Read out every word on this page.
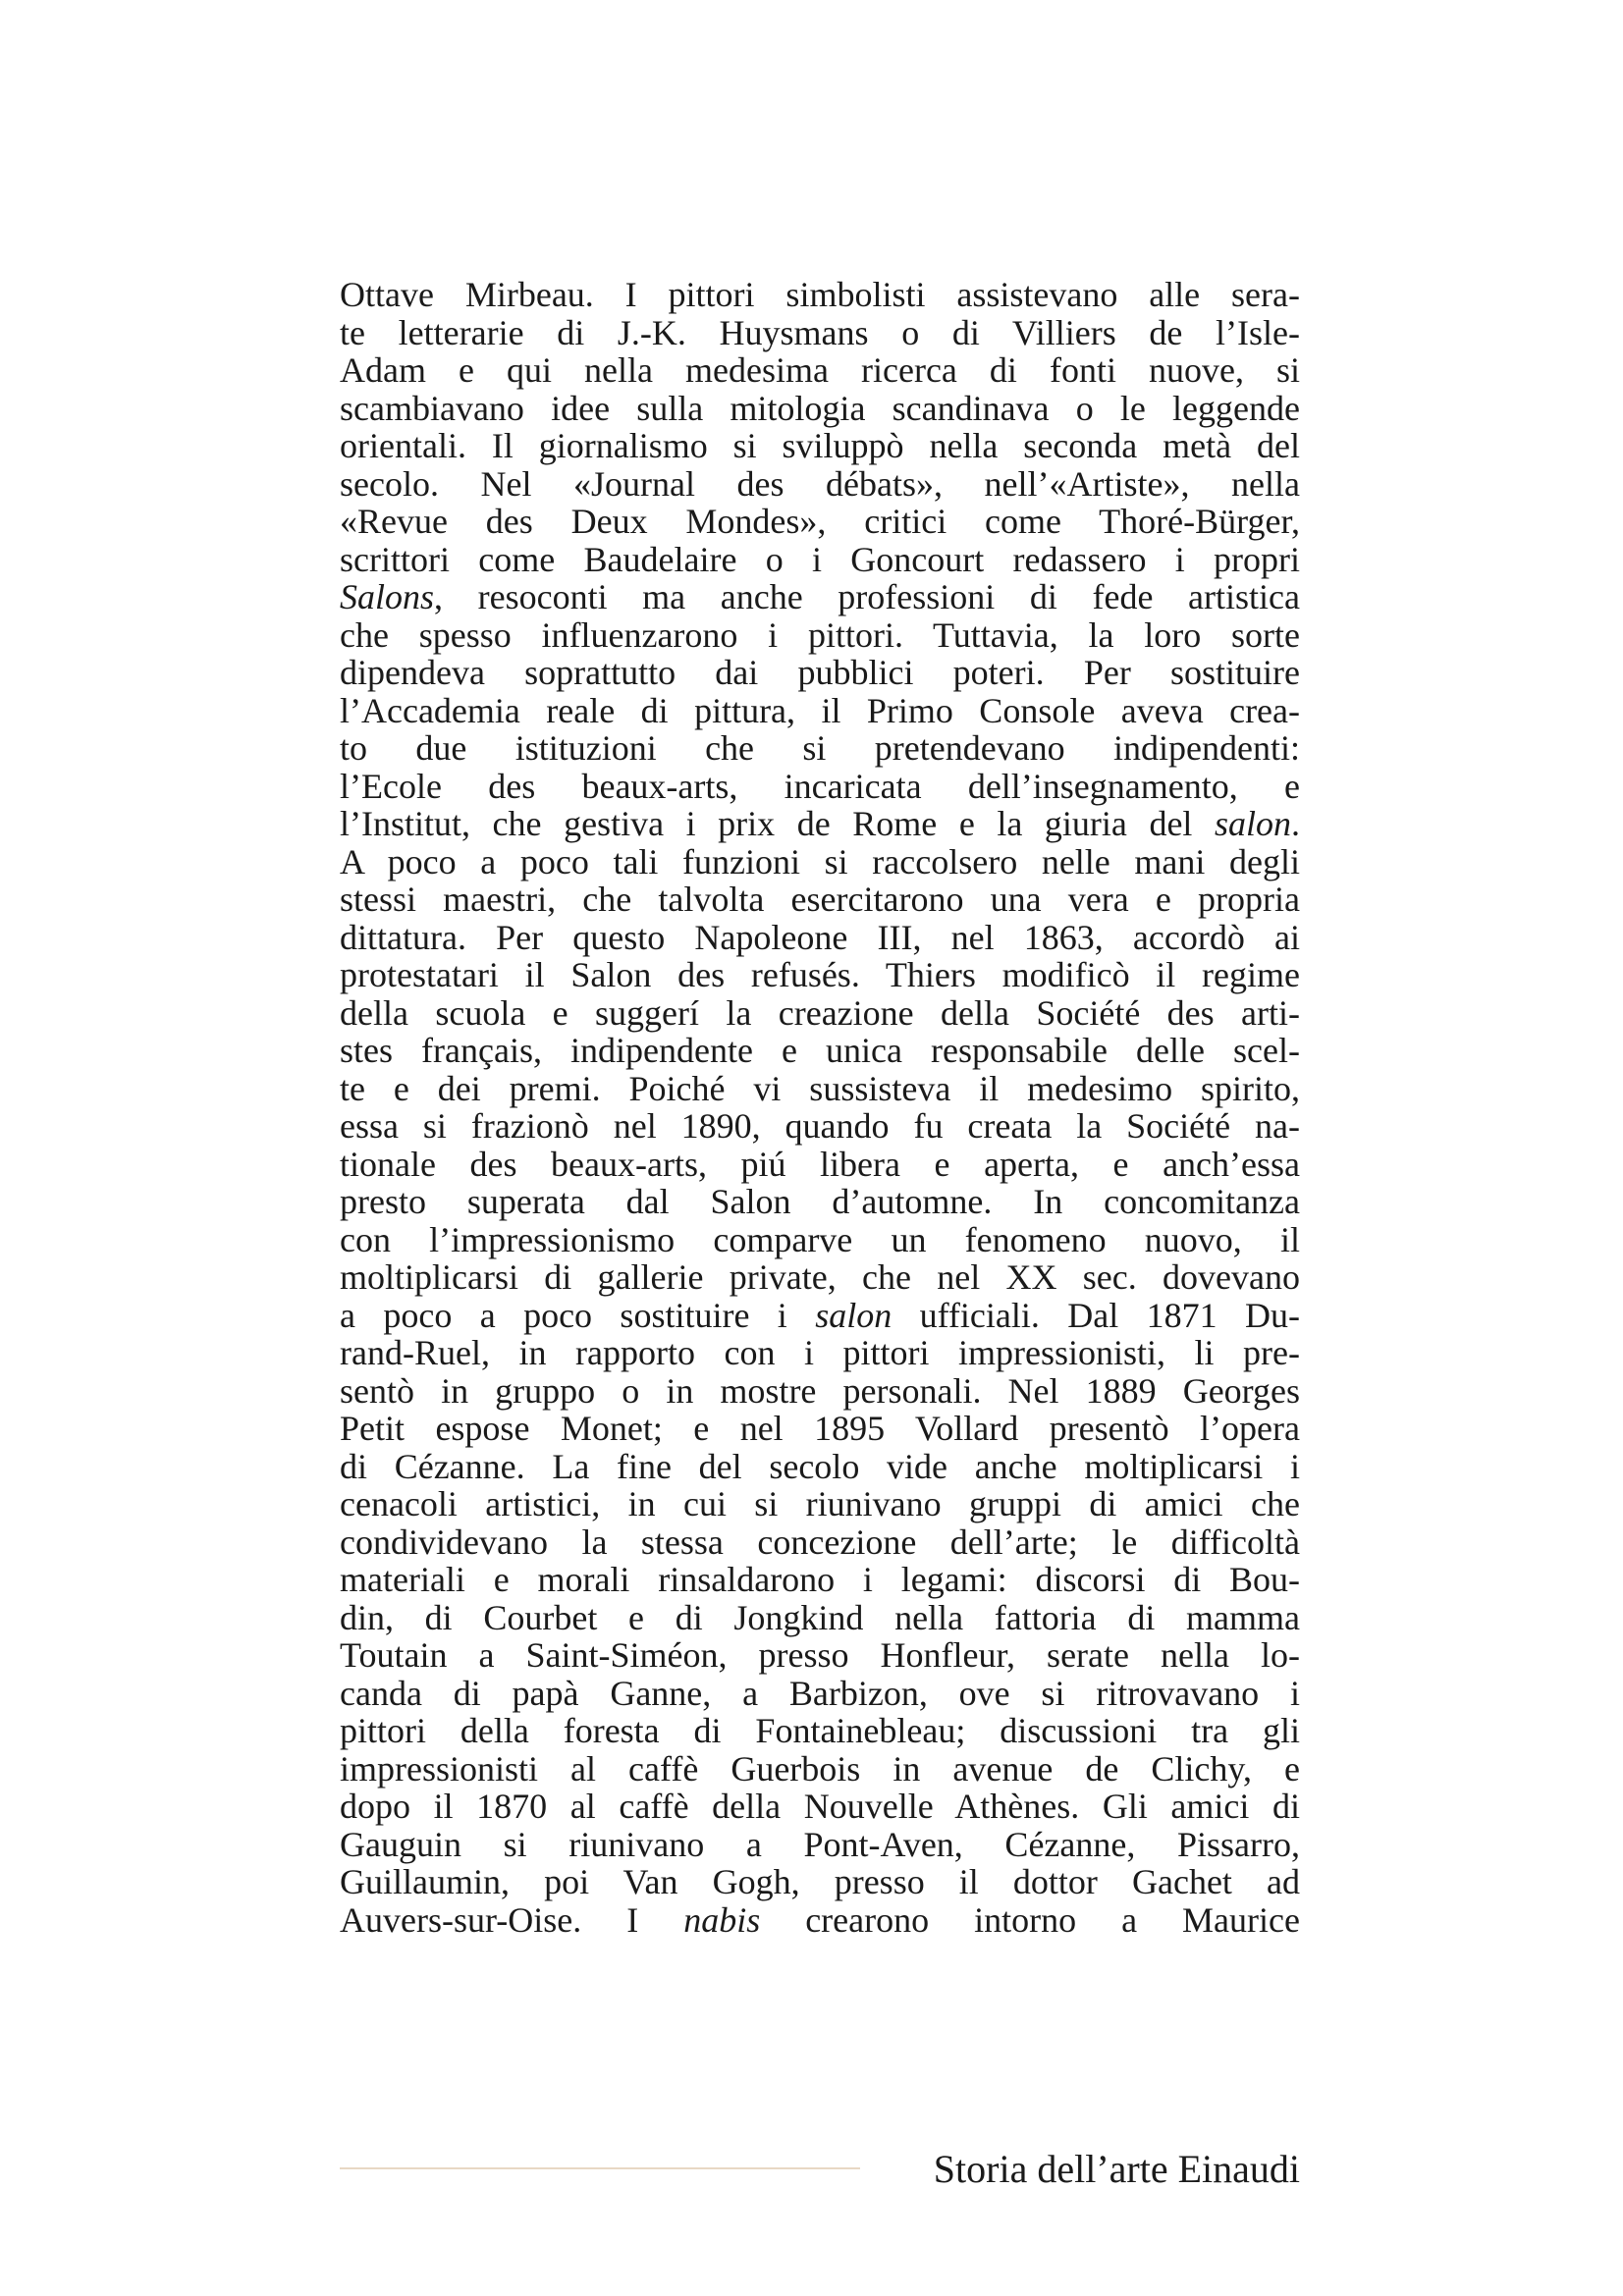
Ottave Mirbeau. I pittori simbolisti assistevano alle sera-
te letterarie di J.-K. Huysmans o di Villiers de l’Isle-
Adam e qui nella medesima ricerca di fonti nuove, si
scambiavano idee sulla mitologia scandinava o le leggende
orientali. Il giornalismo si sviluppò nella seconda metà del
secolo. Nel «Journal des débats», nell’«Artiste», nella
«Revue des Deux Mondes», critici come Thoré-Bürger,
scrittori come Baudelaire o i Goncourt redassero i propri
Salons, resoconti ma anche professioni di fede artistica
che spesso influenzarono i pittori. Tuttavia, la loro sorte
dipendeva soprattutto dai pubblici poteri. Per sostituire
l’Accademia reale di pittura, il Primo Console aveva crea-
to due istituzioni che si pretendevano indipendenti:
l’Ecole des beaux-arts, incaricata dell’insegnamento, e
l’Institut, che gestiva i prix de Rome e la giuria del salon.
A poco a poco tali funzioni si raccolsero nelle mani degli
stessi maestri, che talvolta esercitarono una vera e propria
dittatura. Per questo Napoleone III, nel 1863, accordò ai
protestatari il Salon des refusés. Thiers modificò il regime
della scuola e suggerí la creazione della Société des arti-
stes français, indipendente e unica responsabile delle scel-
te e dei premi. Poiché vi sussisteva il medesimo spirito,
essa si frazionò nel 1890, quando fu creata la Société na-
tionale des beaux-arts, piú libera e aperta, e anch’essa
presto superata dal Salon d’automne. In concomitanza
con l’impressionismo comparve un fenomeno nuovo, il
moltiplicarsi di gallerie private, che nel XX sec. dovevano
a poco a poco sostituire i salon ufficiali. Dal 1871 Du-
rand-Ruel, in rapporto con i pittori impressionisti, li pre-
sentò in gruppo o in mostre personali. Nel 1889 Georges
Petit espose Monet; e nel 1895 Vollard presentò l’opera
di Cézanne. La fine del secolo vide anche moltiplicarsi i
cenacoli artistici, in cui si riunivano gruppi di amici che
condividevano la stessa concezione dell’arte; le difficoltà
materiali e morali rinsaldarono i legami: discorsi di Bou-
din, di Courbet e di Jongkind nella fattoria di mamma
Toutain a Saint-Siméon, presso Honfleur, serate nella lo-
canda di papà Ganne, a Barbizon, ove si ritrovavano i
pittori della foresta di Fontainebleau; discussioni tra gli
impressionisti al caffè Guerbois in avenue de Clichy, e
dopo il 1870 al caffè della Nouvelle Athènes. Gli amici di
Gauguin si riunivano a Pont-Aven, Cézanne, Pissarro,
Guillaumin, poi Van Gogh, presso il dottor Gachet ad
Auvers-sur-Oise. I nabis crearono intorno a Maurice
Storia dell’arte Einaudi
